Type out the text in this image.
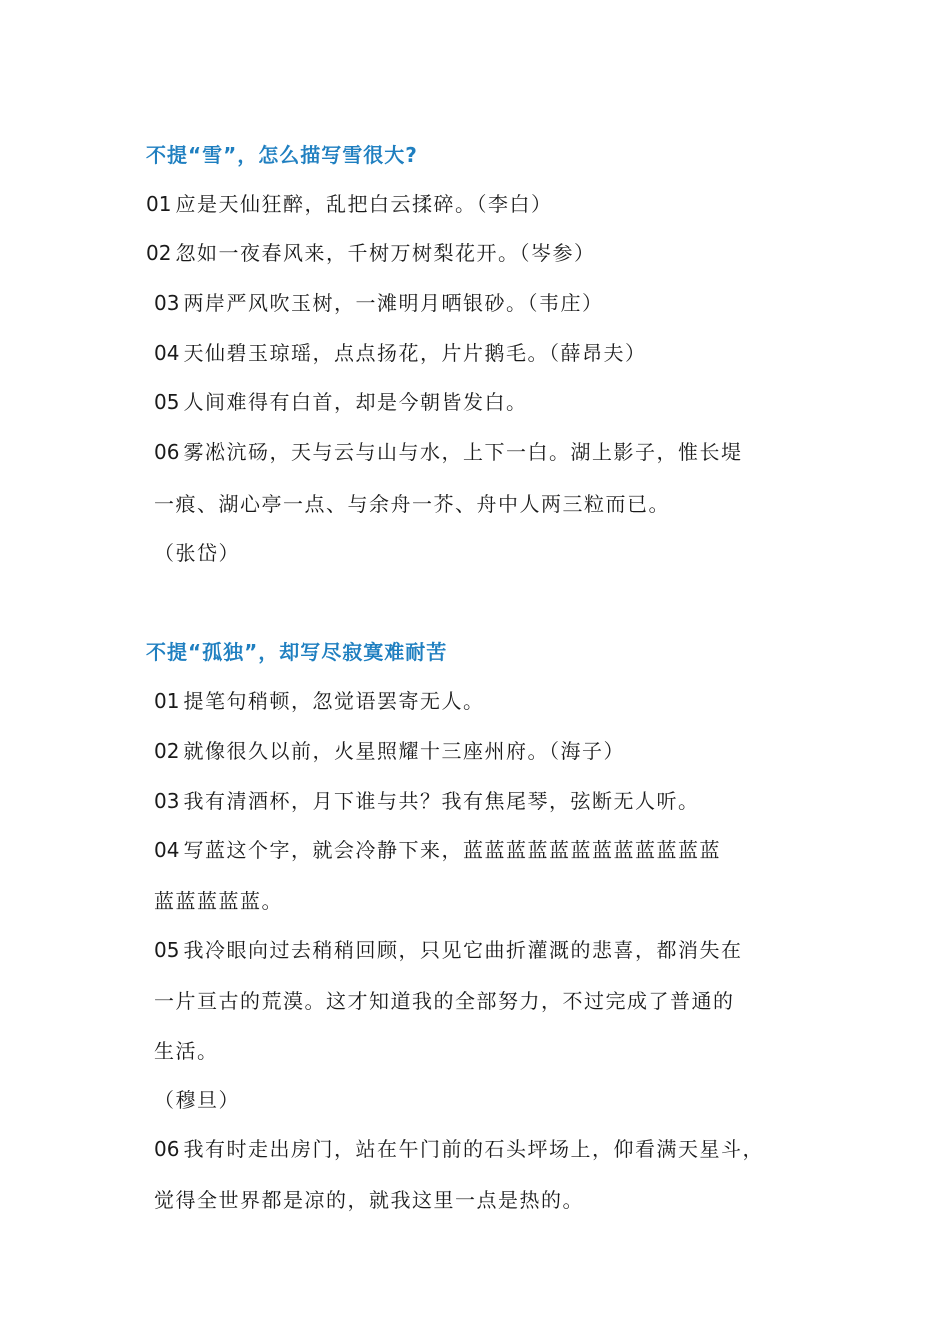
不提“雪”，怎么描写雪很大?
01 应是天仙狂醉，乱把白云揉碎。（李白）
02 忽如一夜春风来，千树万树梨花开。（岑参）
03 两岸严风吹玉树，一滩明月晒银砂。（韦庄）
04 天仙碧玉琼瑶，点点扬花，片片鹅毛。（薛昂夫）
05 人间难得有白首，却是今朝皆发白。
06 雾凇沆砀，天与云与山与水，上下一白。湖上影子，惟长堤
一痕、湖心亭一点、与余舟一芥、舟中人两三粒而已。
（张岱）
不提“孤独”，却写尽寂寞难耐苦
01 提笔句稍顿，忽觉语罢寄无人。
02 就像很久以前，火星照耀十三座州府。（海子）
03 我有清酒杯，月下谁与共？我有焦尾琴，弦断无人听。
04 写蓝这个字，就会冷静下来，蓝蓝蓝蓝蓝蓝蓝蓝蓝蓝蓝蓝
蓝蓝蓝蓝蓝。
05 我冷眼向过去稍稍回顾，只见它曲折灌溉的悲喜，都消失在
一片亘古的荒漠。这才知道我的全部努力，不过完成了普通的
生活。
（穆旦）
06 我有时走出房门，站在午门前的石头坪场上，仰看满天星斗，
觉得全世界都是凉的，就我这里一点是热的。
